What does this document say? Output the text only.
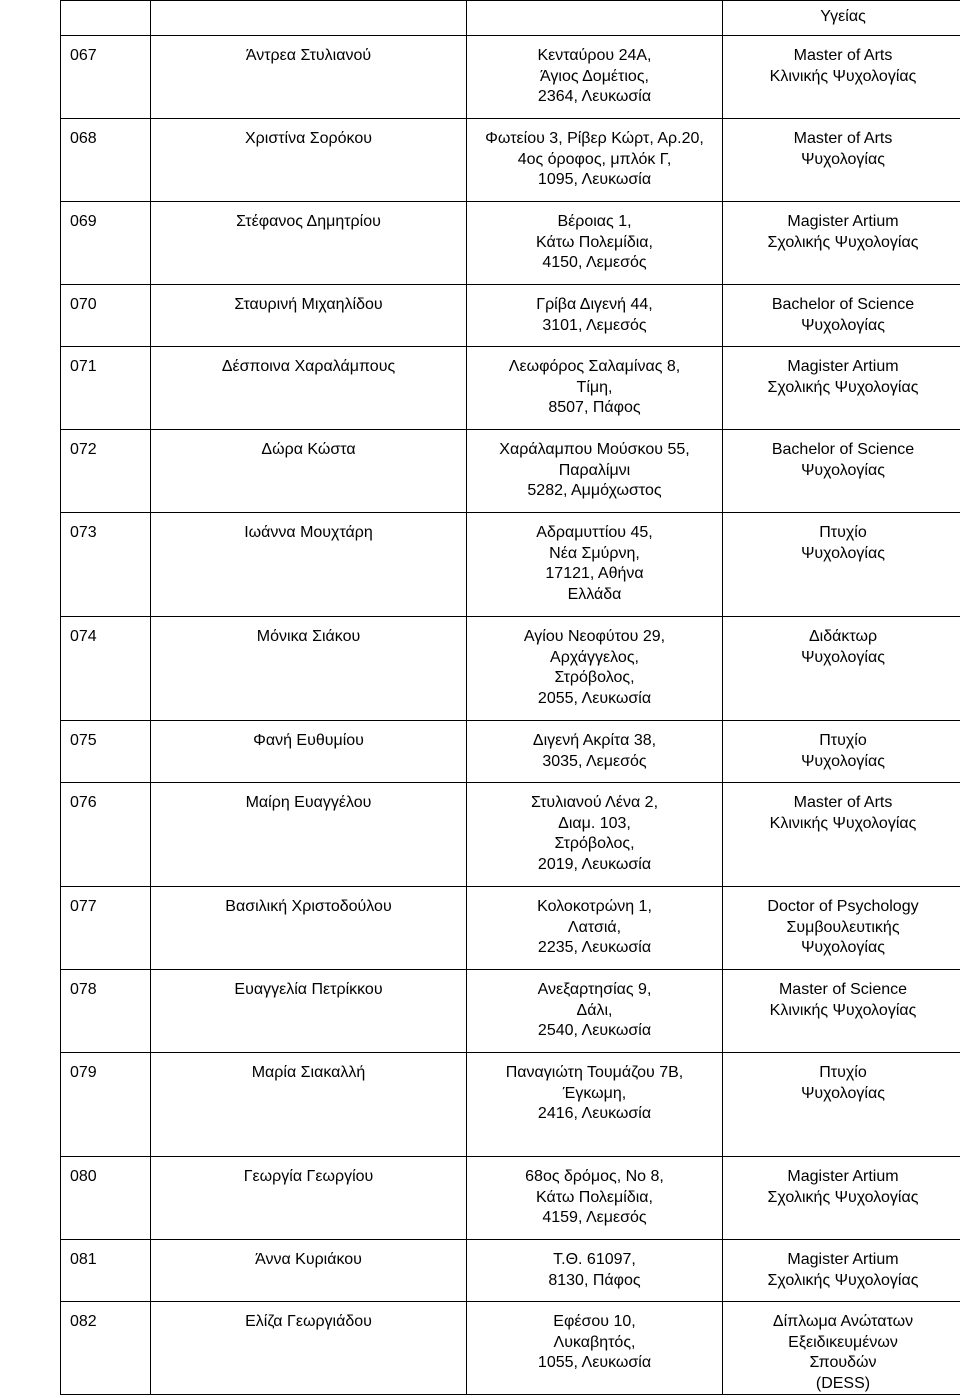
			Υγείας

067	Άντρεα Στυλιανού	Κενταύρου 24Α,
Άγιος Δομέτιος,
2364, Λευκωσία	Master of Arts
Κλινικής Ψυχολογίας

068	Χριστίνα Σορόκου	Φωτείου 3, Ρίβερ Κώρτ, Αρ.20,
4ος όροφος, μπλόκ Γ,
1095, Λευκωσία	Master of Arts
Ψυχολογίας

069	Στέφανος Δημητρίου	Βέροιας 1,
Κάτω Πολεμίδια,
4150, Λεμεσός	Magister Artium
Σχολικής Ψυχολογίας

070	Σταυρινή Μιχαηλίδου	Γρίβα Διγενή 44,
3101, Λεμεσός	Bachelor of Science
Ψυχολογίας

071	Δέσποινα Χαραλάμπους	Λεωφόρος Σαλαμίνας 8,
Τίμη,
8507, Πάφος	Magister Artium
Σχολικής Ψυχολογίας

072	Δώρα Κώστα	Χαράλαμπου Μούσκου 55,
Παραλίμνι
5282, Αμμόχωστος	Bachelor of Science
Ψυχολογίας

073	Ιωάννα Μουχτάρη	Αδραμυττίου 45,
Νέα Σμύρνη,
17121, Αθήνα
Ελλάδα	Πτυχίο
Ψυχολογίας

074	Μόνικα Σιάκου	Αγίου Νεοφύτου 29,
Αρχάγγελος,
Στρόβολος,
2055, Λευκωσία	Διδάκτωρ
Ψυχολογίας

075	Φανή Ευθυμίου	Διγενή Ακρίτα 38,
3035, Λεμεσός	Πτυχίο
Ψυχολογίας

076	Μαίρη Ευαγγέλου	Στυλιανού Λένα 2,
Διαμ. 103,
Στρόβολος,
2019, Λευκωσία	Master of Arts
Κλινικής Ψυχολογίας

077	Βασιλική Χριστοδούλου	Κολοκοτρώνη 1,
Λατσιά,
2235, Λευκωσία	Doctor of Psychology
Συμβουλευτικής
Ψυχολογίας

078	Ευαγγελία Πετρίκκου	Ανεξαρτησίας 9,
Δάλι,
2540, Λευκωσία	Master of Science
Κλινικής Ψυχολογίας

079	Μαρία Σιακαλλή	Παναγιώτη Τουμάζου 7Β,
Έγκωμη,
2416, Λευκωσία	Πτυχίο
Ψυχολογίας

080	Γεωργία Γεωργίου	68ος δρόμος, Νο 8,
Κάτω Πολεμίδια,
4159, Λεμεσός	Magister Artium
Σχολικής Ψυχολογίας

081	Άννα Κυριάκου	Τ.Θ. 61097,
8130, Πάφος	Magister Artium
Σχολικής Ψυχολογίας

082	Ελίζα Γεωργιάδου	Εφέσου 10,
Λυκαβητός,
1055, Λευκωσία	Δίπλωμα Ανώτατων
Εξειδικευμένων
Σπουδών
(DESS)
